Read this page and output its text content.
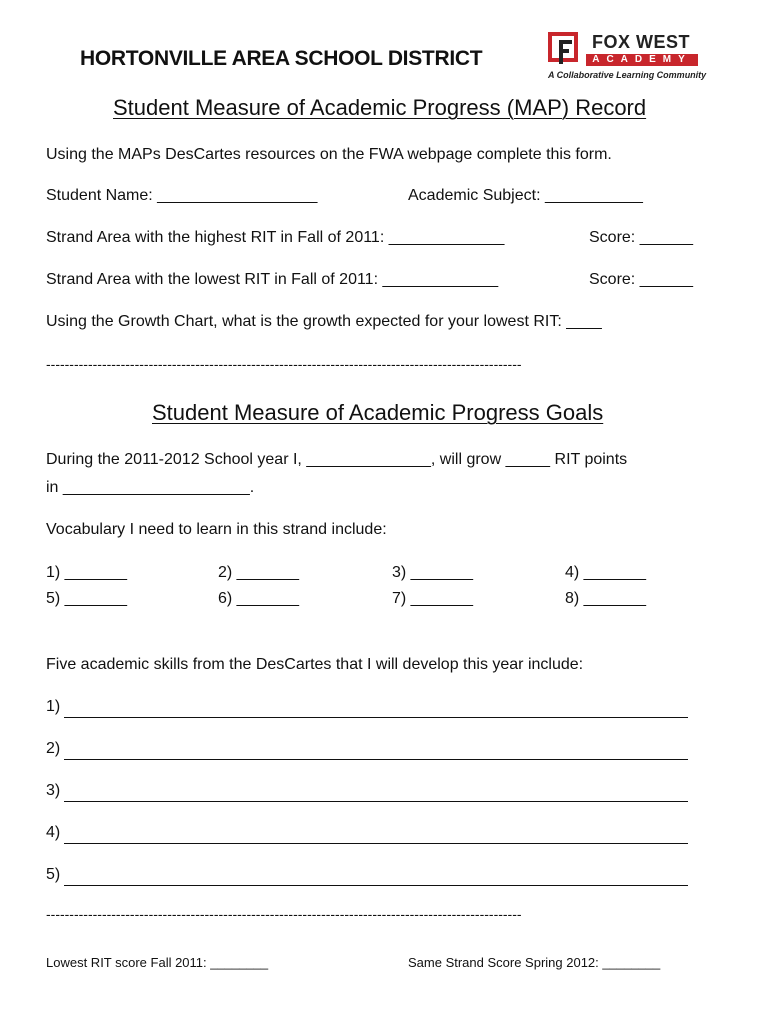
HORTONVILLE AREA SCHOOL DISTRICT
FOX WEST
ACADEMY
A Collaborative Learning Community
Student Measure of Academic Progress (MAP) Record
Using the MAPs DesCartes resources on the FWA webpage complete this form.
Student Name: __________________	Academic Subject: ___________
Strand Area with the highest RIT in Fall of 2011: _____________	Score: ______
Strand Area with the lowest RIT in Fall of 2011: _____________	Score: ______
Using the Growth Chart, what is the growth expected for your lowest RIT: ____
------------------------------------------------------------------------------------------------------
Student Measure of Academic Progress Goals
During the 2011-2012 School year I, ______________, will grow _____ RIT points
in _____________________.
Vocabulary I need to learn in this strand include:
1) _______	2) _______	3) _______	4) _______
5) _______	6) _______	7) _______	8) _______
Five academic skills from the DesCartes that I will develop this year include:
1)
2)
3)
4)
5)
------------------------------------------------------------------------------------------------------
Lowest RIT score Fall 2011: ________	Same Strand Score Spring 2012: ________
